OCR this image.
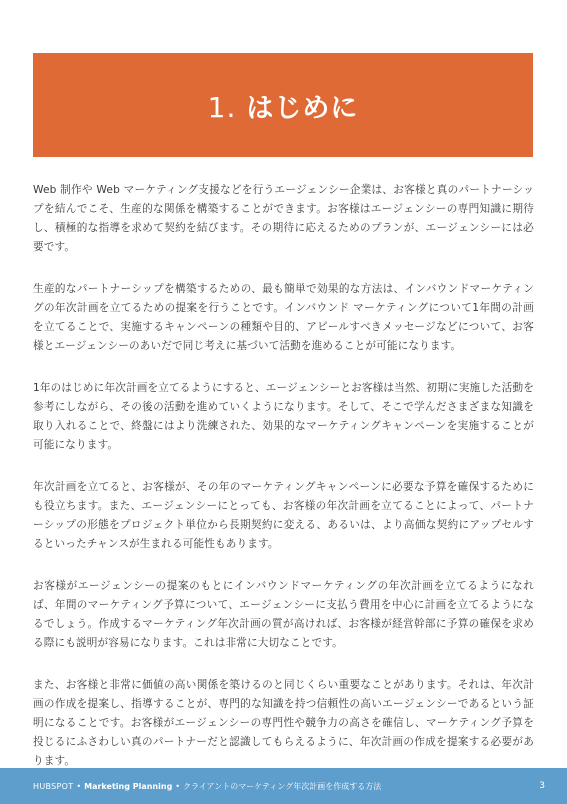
1. はじめに

Web 制作や Web マーケティング支援などを行うエージェンシー企業は、お客様と真のパートナーシップを結んでこそ、生産的な関係を構築することができます。お客様はエージェンシーの専門知識に期待し、積極的な指導を求めて契約を結びます。その期待に応えるためのプランが、エージェンシーには必要です。

生産的なパートナーシップを構築するための、最も簡単で効果的な方法は、インバウンドマーケティングの年次計画を立てるための提案を行うことです。インバウンド マーケティングについて1年間の計画を立てることで、実施するキャンペーンの種類や目的、アピールすべきメッセージなどについて、お客様とエージェンシーのあいだで同じ考えに基づいて活動を進めることが可能になります。

1年のはじめに年次計画を立てるようにすると、エージェンシーとお客様は当然、初期に実施した活動を参考にしながら、その後の活動を進めていくようになります。そして、そこで学んださまざまな知識を取り入れることで、終盤にはより洗練された、効果的なマーケティングキャンペーンを実施することが可能になります。

年次計画を立てると、お客様が、その年のマーケティングキャンペーンに必要な予算を確保するためにも役立ちます。また、エージェンシーにとっても、お客様の年次計画を立てることによって、パートナーシップの形態をプロジェクト単位から長期契約に変える、あるいは、より高価な契約にアップセルするといったチャンスが生まれる可能性もあります。

お客様がエージェンシーの提案のもとにインバウンドマーケティングの年次計画を立てるようになれば、年間のマーケティング予算について、エージェンシーに支払う費用を中心に計画を立てるようになるでしょう。作成するマーケティング年次計画の質が高ければ、お客様が経営幹部に予算の確保を求める際にも説明が容易になります。これは非常に大切なことです。

また、お客様と非常に価値の高い関係を築けるのと同じくらい重要なことがあります。それは、年次計画の作成を提案し、指導することが、専門的な知識を持つ信頼性の高いエージェンシーであるという証明になることです。お客様がエージェンシーの専門性や競争力の高さを確信し、マーケティング予算を投じるにふさわしい真のパートナーだと認識してもらえるように、年次計画の作成を提案する必要があります。

HUBSPOT • Marketing Planning • クライアントのマーケティング年次計画を作成する方法	3
